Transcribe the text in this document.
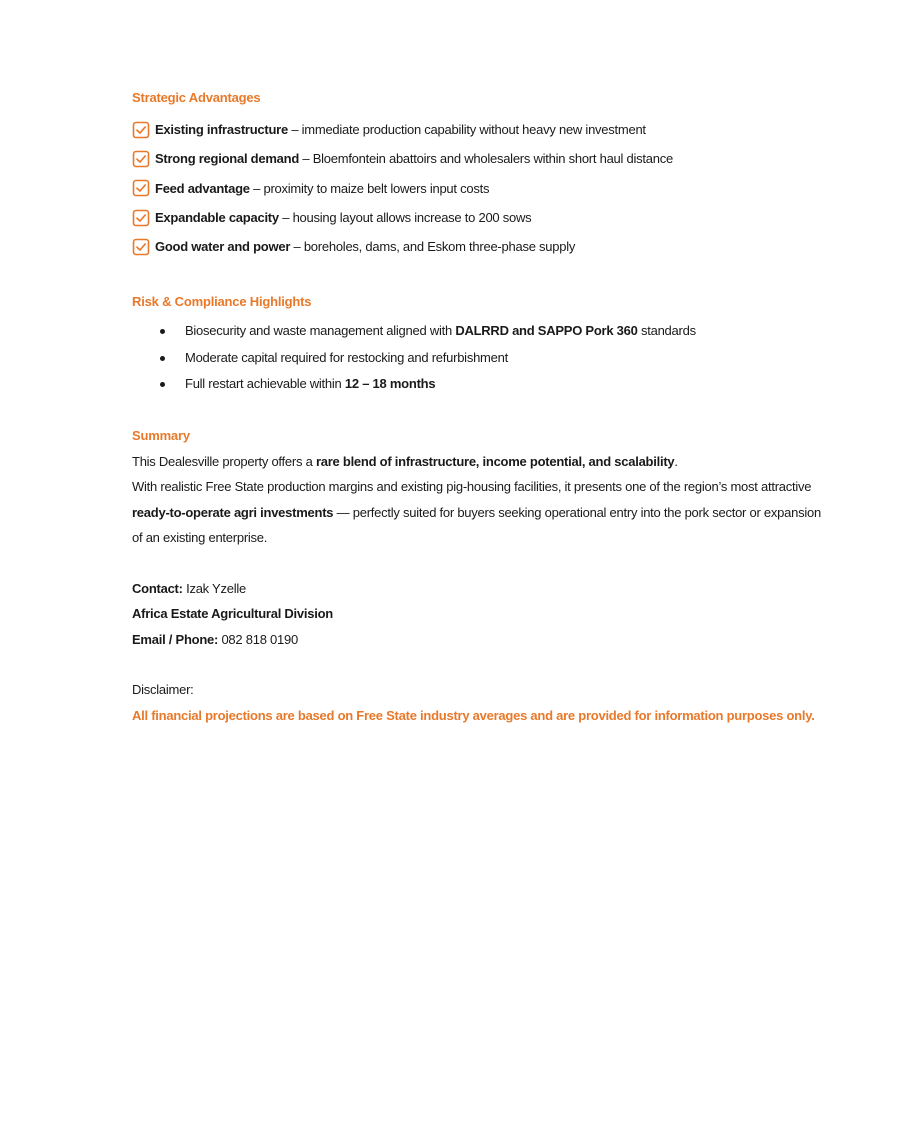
Strategic Advantages
Existing infrastructure – immediate production capability without heavy new investment
Strong regional demand – Bloemfontein abattoirs and wholesalers within short haul distance
Feed advantage – proximity to maize belt lowers input costs
Expandable capacity – housing layout allows increase to 200 sows
Good water and power – boreholes, dams, and Eskom three-phase supply
Risk & Compliance Highlights
Biosecurity and waste management aligned with DALRRD and SAPPO Pork 360 standards
Moderate capital required for restocking and refurbishment
Full restart achievable within 12 – 18 months
Summary

This Dealesville property offers a rare blend of infrastructure, income potential, and scalability.

With realistic Free State production margins and existing pig-housing facilities, it presents one of the region’s most attractive ready-to-operate agri investments — perfectly suited for buyers seeking operational entry into the pork sector or expansion of an existing enterprise.

Contact: Izak Yzelle

Africa Estate Agricultural Division

Email / Phone: 082 818 0190

Disclaimer:

All financial projections are based on Free State industry averages and are provided for information purposes only.
